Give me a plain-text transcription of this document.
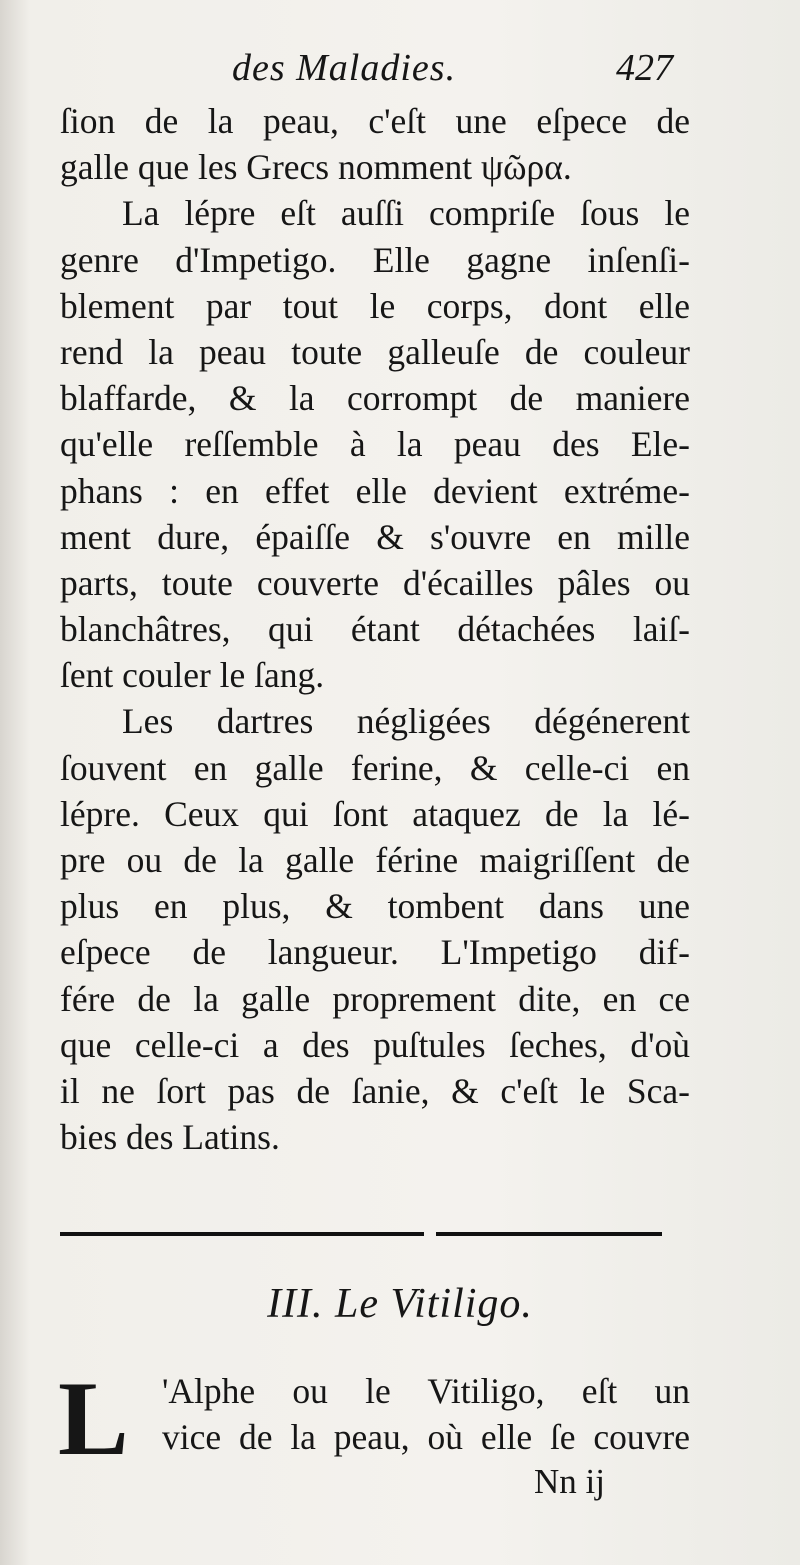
des Maladies.	427
ſion de la peau, c'eſt une eſpece de
galle que les Grecs nomment ψῶρα.
La lépre eſt auſſi compriſe ſous le
genre d'Impetigo. Elle gagne inſenſi-
blement par tout le corps, dont elle
rend la peau toute galleuſe de couleur
blaffarde, & la corrompt de maniere
qu'elle reſſemble à la peau des Ele-
phans : en effet elle devient extréme-
ment dure, épaiſſe & s'ouvre en mille
parts, toute couverte d'écailles pâles ou
blanchâtres, qui étant détachées laiſ-
ſent couler le ſang.
Les dartres négligées dégénerent
ſouvent en galle ferine, & celle-ci en
lépre. Ceux qui ſont ataquez de la lé-
pre ou de la galle férine maigriſſent de
plus en plus, & tombent dans une
eſpece de langueur. L'Impetigo dif-
fére de la galle proprement dite, en ce
que celle-ci a des puſtules ſeches, d'où
il ne ſort pas de ſanie, & c'eſt le Sca-
bies des Latins.
III. Le Vitiligo.
L 'Alphe ou le Vitiligo, eſt un
vice de la peau, où elle ſe couvre
Nn ij
